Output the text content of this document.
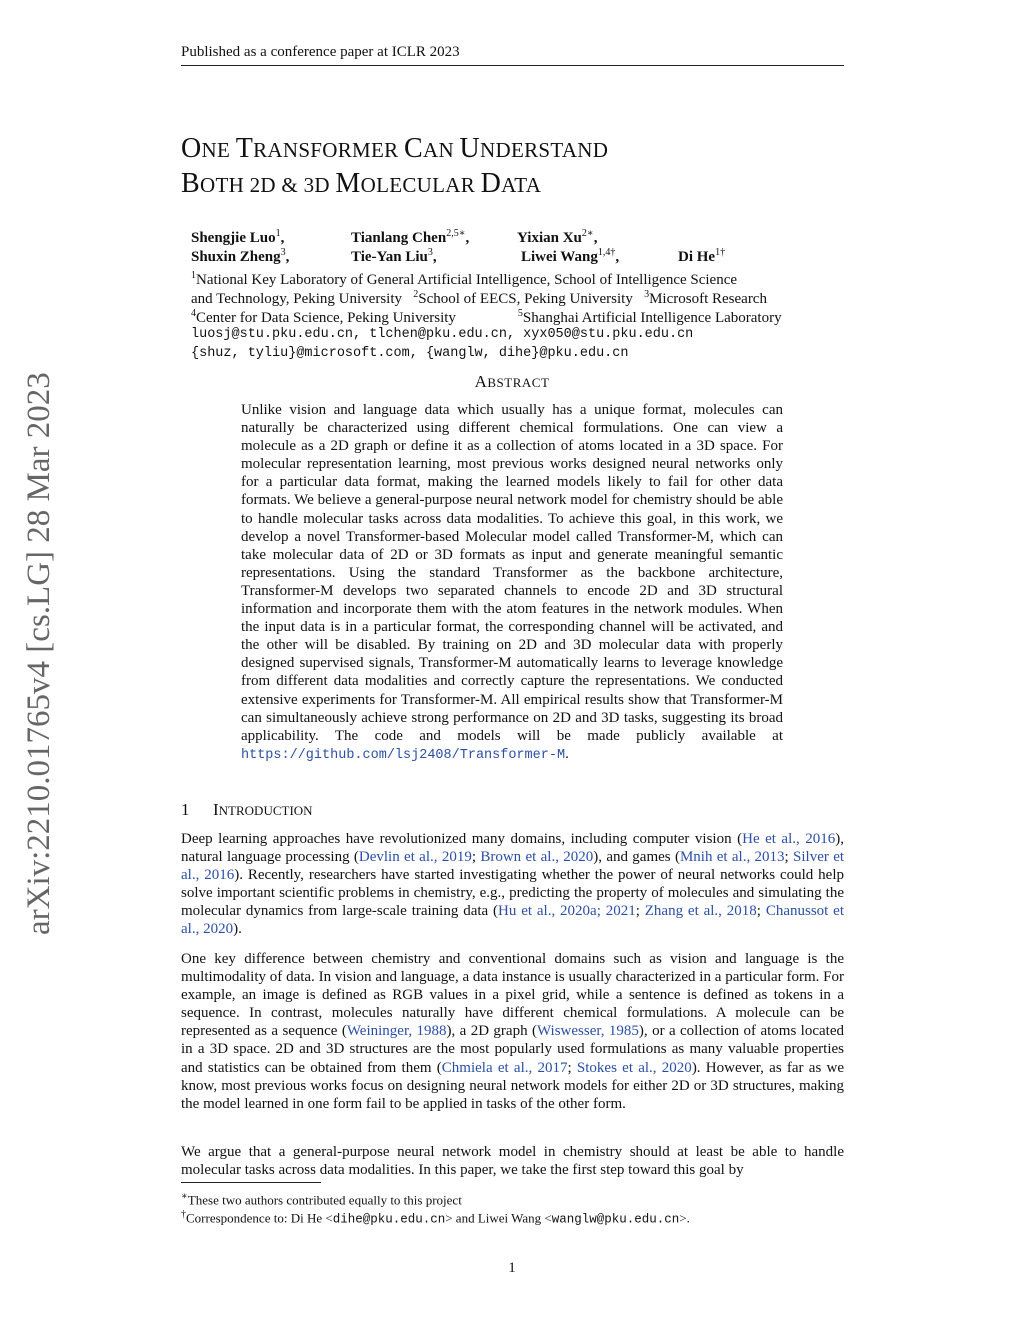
Published as a conference paper at ICLR 2023
arXiv:2210.01765v4 [cs.LG] 28 Mar 2023
ONE TRANSFORMER CAN UNDERSTAND
BOTH 2D & 3D MOLECULAR DATA
Shengjie Luo$^1$,	Tianlang Chen$^{2,5∗}$,	Yixian $Xu^{2∗}$,
Shuxin Zheng$^3$,	Tie-Yan Liu$^3$,	Liwei Wang$^{1,4\dagger}$,	Di $He^{1\dagger}$
$^1$National Key Laboratory of General Artificial Intelligence, School of Intelligence Science
and Technology, Peking University $^2$School of EECS, Peking University $^3$Microsoft Research
$^4$Center for Data Science, Peking University	$^5$Shanghai Artificial Intelligence Laboratory
luosj@stu.pku.edu.cn, tlchen@pku.edu.cn, xyx050@stu.pku.edu.cn
{shuz, tyliu}@microsoft.com, {wanglw, dihe}@pku.edu.cn
ABSTRACT
Unlike vision and language data which usually has a unique format, molecules can naturally be characterized using different chemical formulations. One can view a molecule as a 2D graph or define it as a collection of atoms located in a 3D space. For molecular representation learning, most previous works designed neural networks only for a particular data format, making the learned models likely to fail for other data formats. We believe a general-purpose neural network model for chemistry should be able to handle molecular tasks across data modalities. To achieve this goal, in this work, we develop a novel Transformer-based Molecular model called Transformer-M, which can take molecular data of 2D or 3D formats as input and generate meaningful semantic representations. Using the standard Transformer as the backbone architecture, Transformer-M develops two separated channels to encode 2D and 3D structural information and incorporate them with the atom features in the network modules. When the input data is in a particular format, the corresponding channel will be activated, and the other will be disabled. By training on 2D and 3D molecular data with properly designed supervised signals, Transformer-M automatically learns to leverage knowledge from different data modalities and correctly capture the representations. We conducted extensive experiments for Transformer-M. All empirical results show that Transformer-M can simultaneously achieve strong performance on 2D and 3D tasks, suggesting its broad applicability. The code and models will be made publicly available at https://github.com/lsj2408/Transformer-M.
1 INTRODUCTION
Deep learning approaches have revolutionized many domains, including computer vision (He et al., 2016), natural language processing (Devlin et al., 2019; Brown et al., 2020), and games (Mnih et al., 2013; Silver et al., 2016). Recently, researchers have started investigating whether the power of neural networks could help solve important scientific problems in chemistry, e.g., predicting the property of molecules and simulating the molecular dynamics from large-scale training data (Hu et al., 2020a; 2021; Zhang et al., 2018; Chanussot et al., 2020).
One key difference between chemistry and conventional domains such as vision and language is the multimodality of data. In vision and language, a data instance is usually characterized in a particular form. For example, an image is defined as RGB values in a pixel grid, while a sentence is defined as tokens in a sequence. In contrast, molecules naturally have different chemical formulations. A molecule can be represented as a sequence (Weininger, 1988), a 2D graph (Wiswesser, 1985), or a collection of atoms located in a 3D space. 2D and 3D structures are the most popularly used formulations as many valuable properties and statistics can be obtained from them (Chmiela et al., 2017; Stokes et al., 2020). However, as far as we know, most previous works focus on designing neural network models for either 2D or 3D structures, making the model learned in one form fail to be applied in tasks of the other form.
We argue that a general-purpose neural network model in chemistry should at least be able to handle molecular tasks across data modalities. In this paper, we take the first step toward this goal by
∗These two authors contributed equally to this project
†Correspondence to: Di He <dihe@pku.edu.cn> and Liwei Wang <wanglw@pku.edu.cn>.
1
